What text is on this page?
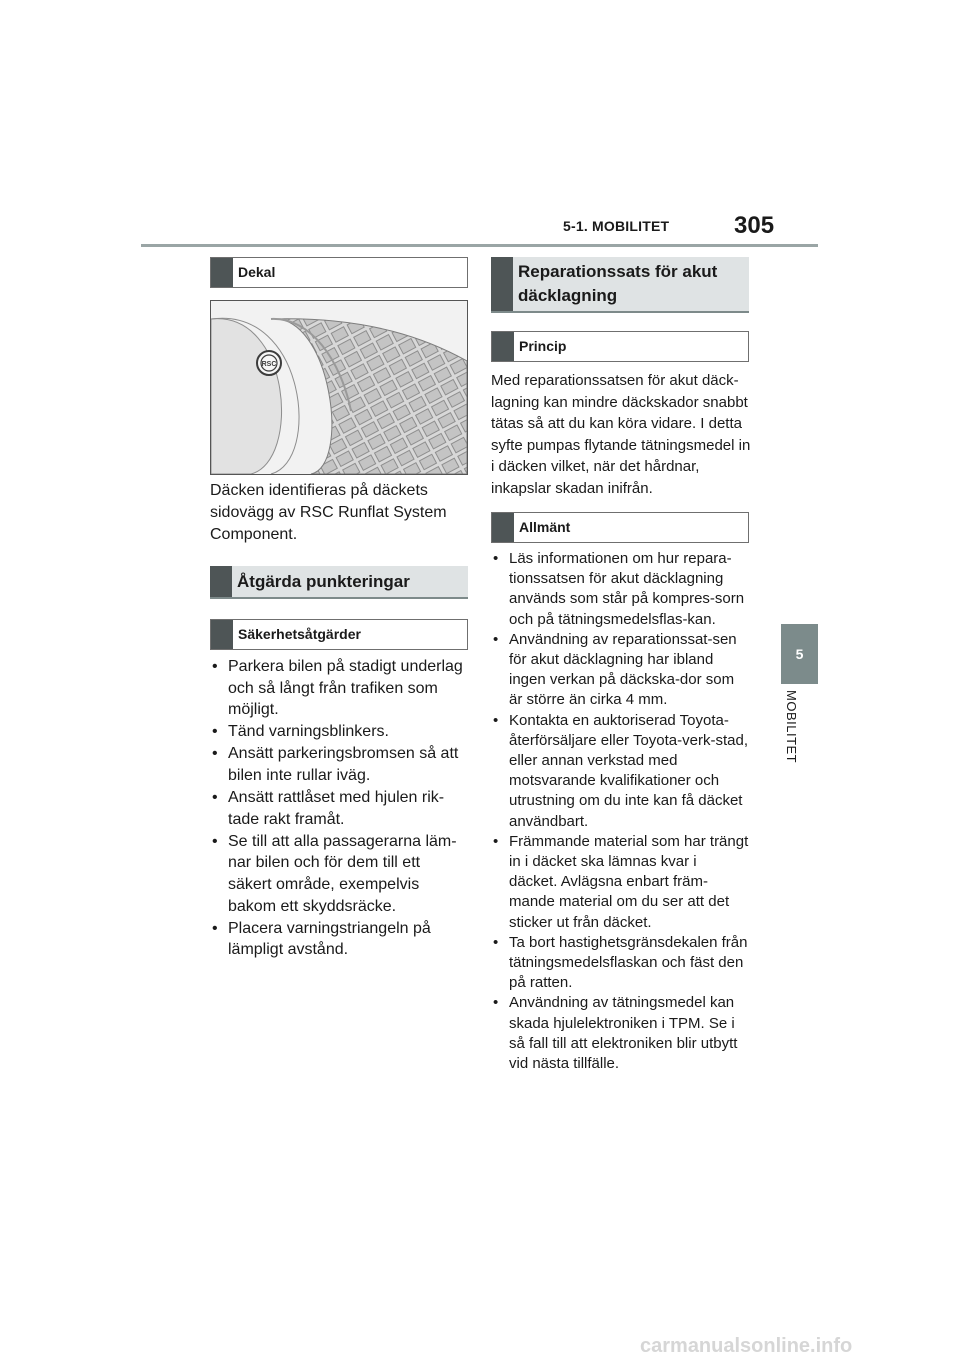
5-1. MOBILITET	305
5
MOBILITET
Dekal
RSC
Däcken identifieras på däckets sidovägg av RSC Runflat System Component.
Åtgärda punkteringar
Säkerhetsåtgärder
• Parkera bilen på stadigt underlag och så långt från trafiken som möjligt.
• Tänd varningsblinkers.
• Ansätt parkeringsbromsen så att bilen inte rullar iväg.
• Ansätt rattlåset med hjulen rik-tade rakt framåt.
• Se till att alla passagerarna läm-nar bilen och för dem till ett säkert område, exempelvis bakom ett skyddsräcke.
• Placera varningstriangeln på lämpligt avstånd.
Reparationssats för akut
däcklagning
Princip
Med reparationssatsen för akut däck-lagning kan mindre däckskador snabbt tätas så att du kan köra vidare. I detta syfte pumpas flytande tätningsmedel in i däcken vilket, när det hårdnar, inkapslar skadan inifrån.
Allmänt
• Läs informationen om hur repara-tionssatsen för akut däcklagning används som står på kompres-sorn och på tätningsmedelsflas-kan.
• Användning av reparationssat-sen för akut däcklagning har ibland ingen verkan på däckska-dor som är större än cirka 4 mm.
• Kontakta en auktoriserad Toyota-återförsäljare eller Toyota-verk-stad, eller annan verkstad med motsvarande kvalifikationer och utrustning om du inte kan få däcket användbart.
• Främmande material som har trängt in i däcket ska lämnas kvar i däcket. Avlägsna enbart främ-mande material om du ser att det sticker ut från däcket.
• Ta bort hastighetsgränsdekalen från tätningsmedelsflaskan och fäst den på ratten.
• Användning av tätningsmedel kan skada hjulelektroniken i TPM. Se i så fall till att elektroniken blir utbytt vid nästa tillfälle.
carmanualsonline.info
